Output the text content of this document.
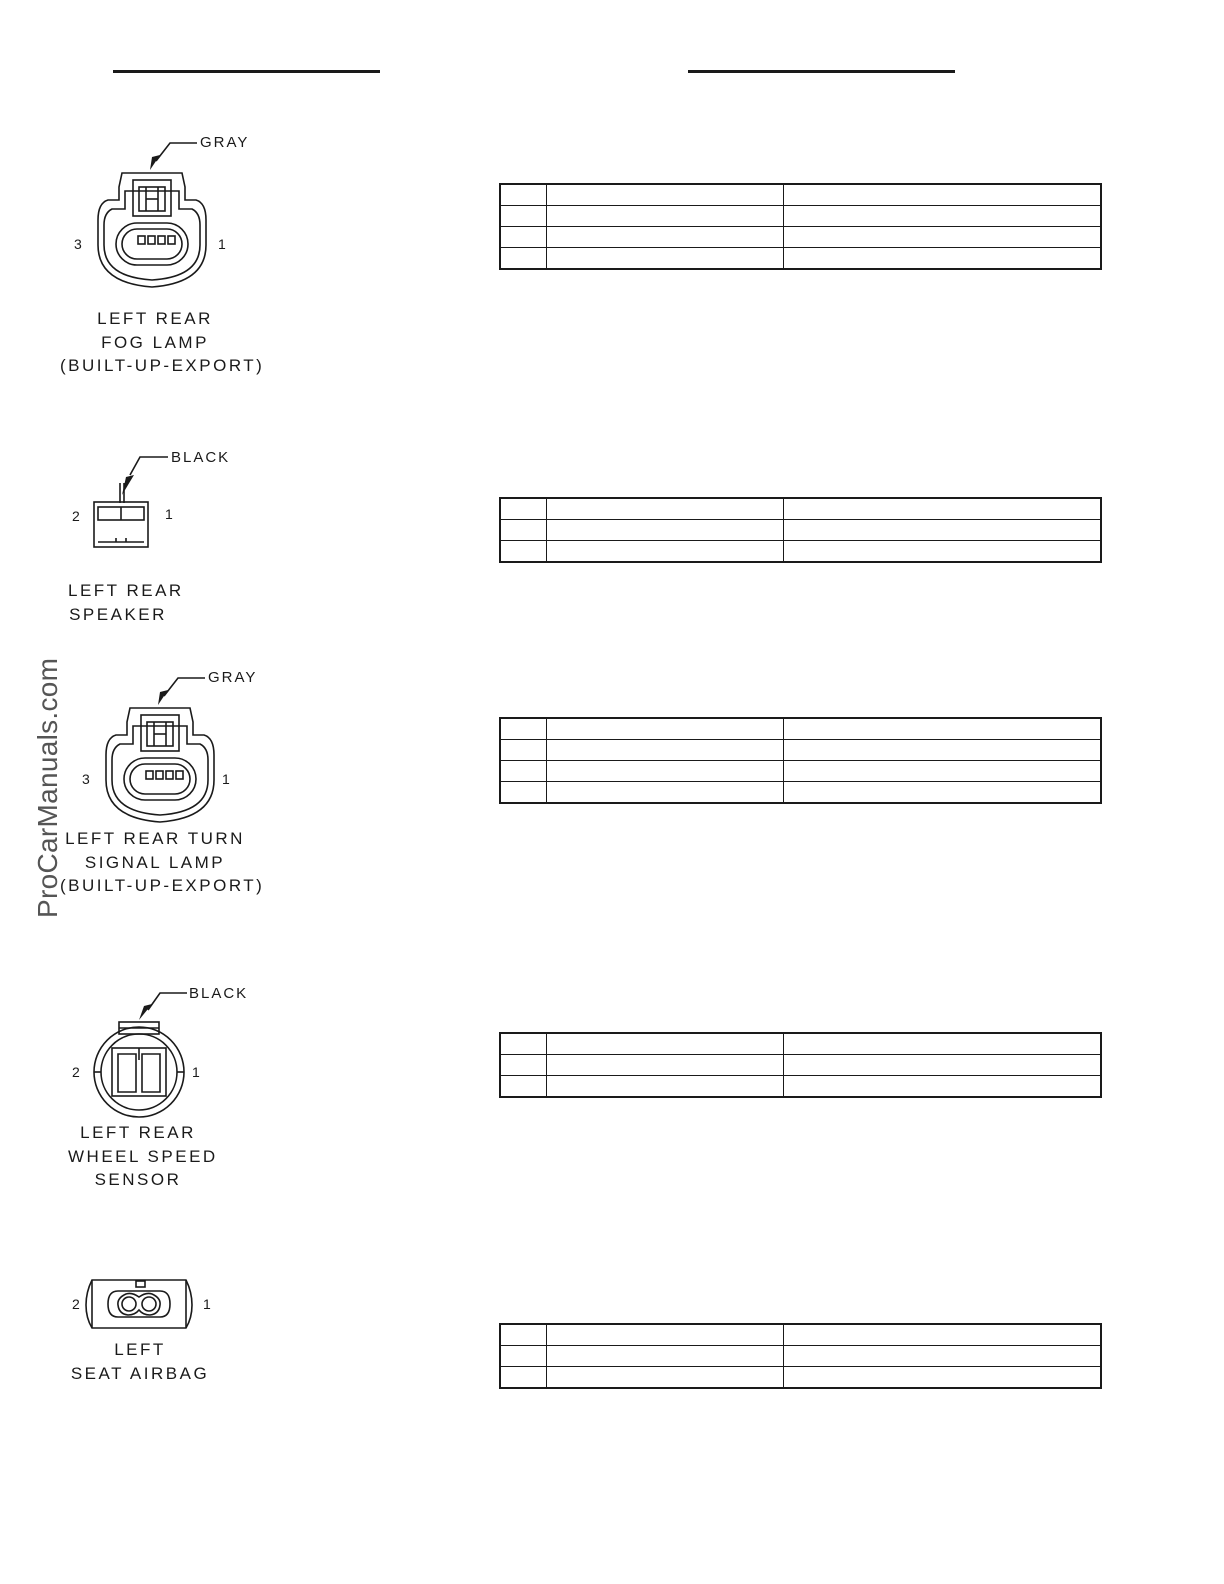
ProCarManuals.com
GRAY
3	1
LEFT REAR
FOG LAMP
(BUILT-UP-EXPORT)

BLACK
2	1
LEFT REAR
SPEAKER

GRAY
3	1
LEFT REAR TURN
SIGNAL LAMP
(BUILT-UP-EXPORT)

BLACK
2	1
LEFT REAR
WHEEL SPEED
SENSOR

2	1
LEFT
SEAT AIRBAG
